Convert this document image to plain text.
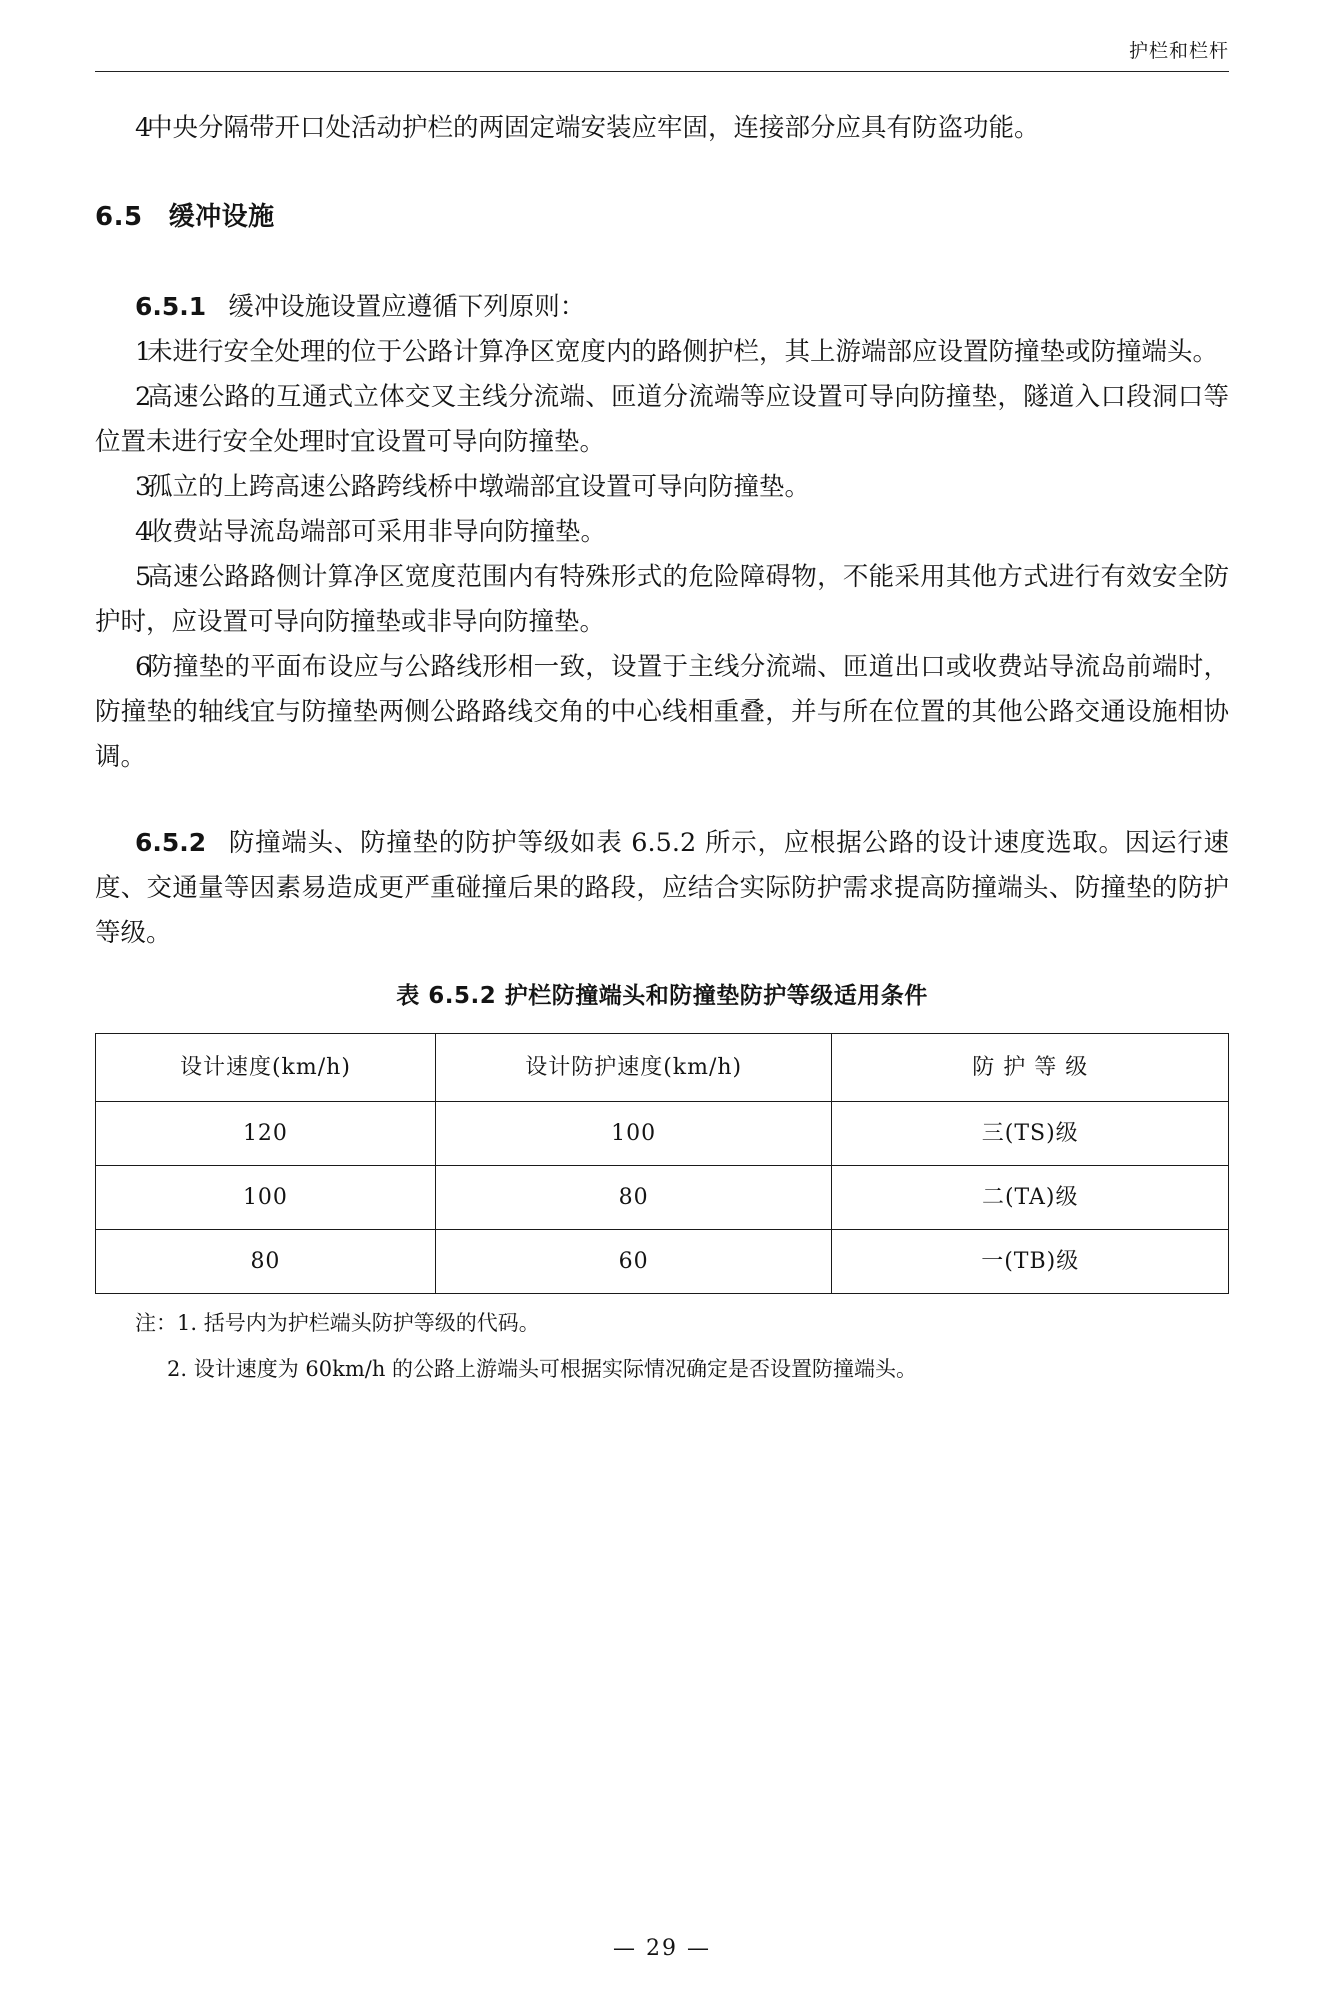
护栏和栏杆

4中央分隔带开口处活动护栏的两固定端安装应牢固，连接部分应具有防盗功能。

6.5 缓冲设施

6.5.1 缓冲设施设置应遵循下列原则：

1未进行安全处理的位于公路计算净区宽度内的路侧护栏，其上游端部应设置防撞垫或防撞端头。

2高速公路的互通式立体交叉主线分流端、匝道分流端等应设置可导向防撞垫，隧道入口段洞口等位置未进行安全处理时宜设置可导向防撞垫。

3孤立的上跨高速公路跨线桥中墩端部宜设置可导向防撞垫。

4收费站导流岛端部可采用非导向防撞垫。

5高速公路路侧计算净区宽度范围内有特殊形式的危险障碍物，不能采用其他方式进行有效安全防护时，应设置可导向防撞垫或非导向防撞垫。

6防撞垫的平面布设应与公路线形相一致，设置于主线分流端、匝道出口或收费站导流岛前端时，防撞垫的轴线宜与防撞垫两侧公路路线交角的中心线相重叠，并与所在位置的其他公路交通设施相协调。

6.5.2 防撞端头、防撞垫的防护等级如表 6.5.2 所示，应根据公路的设计速度选取。因运行速度、交通量等因素易造成更严重碰撞后果的路段，应结合实际防护需求提高防撞端头、防撞垫的防护等级。

表 6.5.2 护栏防撞端头和防撞垫防护等级适用条件
设计速度(km/h)	设计防护速度(km/h)	防 护 等 级
120	100	三(TS)级
100	80	二(TA)级
80	60	一(TB)级
注：1. 括号内为护栏端头防护等级的代码。
2. 设计速度为 60km/h 的公路上游端头可根据实际情况确定是否设置防撞端头。
— 29 —
